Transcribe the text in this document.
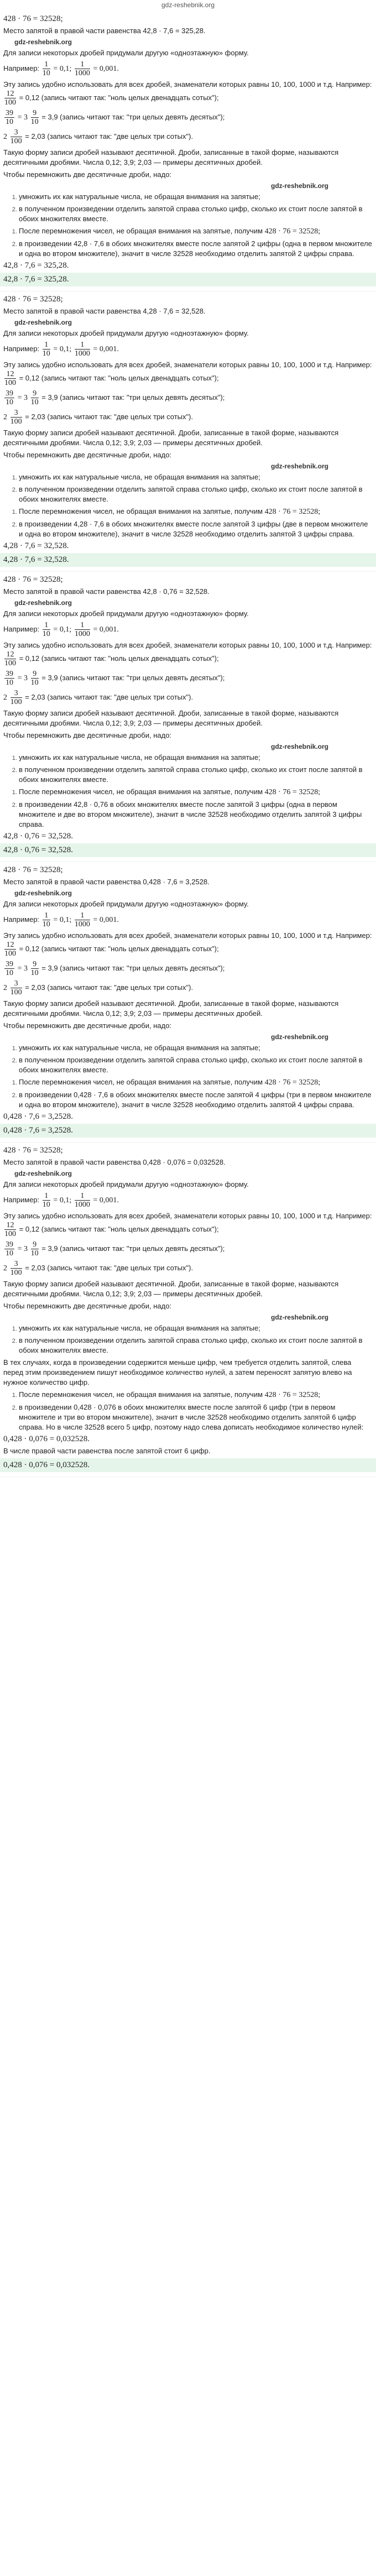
gdz-reshebnik.org
428 · 76 = 32528;

Место запятой в правой части равенства 42,8 · 7,6 = 325,28.

gdz-reshebnik.org

Для записи некоторых дробей придумали другую «одноэтажную» форму.

Например: $\frac{1}{10} = 0,1$; $\frac{1}{1000} = 0,001$.

Эту запись удобно использовать для всех дробей, знаменатели которых равны 10, 100, 1000 и т.д. Например:
$\frac{12}{100} = 0,12$ (запись читают так: "ноль целых двенадцать сотых");

$\frac{39}{10} = 3 \frac{9}{10} = 3,9$ (запись читают так: "три целых девять десятых");

$2 \frac{3}{100} = 2,03$ (запись читают так: "две целых три сотых").

Такую форму записи дробей называют десятичной. Дроби, записанные в такой форме, называются десятичными дробями. Числа 0,12; 3,9; 2,03 — примеры десятичных дробей.

Чтобы перемножить две десятичные дроби, надо:

gdz-reshebnik.org
1. умножить их как натуральные числа, не обращая внимания на запятые;
2. в полученном произведении отделить запятой справа столько цифр, сколько их стоит после запятой в обоих множителях вместе.
1. После перемножения чисел, не обращая внимания на запятые, получим 428 · 76 = 32528;
2. в произведении 42,8 · 7,6 в обоих множителях вместе после запятой 2 цифры (одна в первом множителе и одна во втором множителе), значит в числе 32528 необходимо отделить запятой 2 цифры справа.
42,8 · 7,6 = 325,28.
42,8 · 7,6 = 325,28.
428 · 76 = 32528;

Место запятой в правой части равенства 4,28 · 7,6 = 32,528.

gdz-reshebnik.org

Для записи некоторых дробей придумали другую «одноэтажную» форму.

Например: $\frac{1}{10} = 0,1$; $\frac{1}{1000} = 0,001$.

Эту запись удобно использовать для всех дробей, знаменатели которых равны 10, 100, 1000 и т.д. Например:
$\frac{12}{100} = 0,12$ (запись читают так: "ноль целых двенадцать сотых");

$\frac{39}{10} = 3 \frac{9}{10} = 3,9$ (запись читают так: "три целых девять десятых");

$2 \frac{3}{100} = 2,03$ (запись читают так: "две целых три сотых").

Такую форму записи дробей называют десятичной. Дроби, записанные в такой форме, называются десятичными дробями. Числа 0,12; 3,9; 2,03 — примеры десятичных дробей.

Чтобы перемножить две десятичные дроби, надо:

gdz-reshebnik.org
1. умножить их как натуральные числа, не обращая внимания на запятые;
2. в полученном произведении отделить запятой справа столько цифр, сколько их стоит после запятой в обоих множителях вместе.
1. После перемножения чисел, не обращая внимания на запятые, получим 428 · 76 = 32528;
2. в произведении 4,28 · 7,6 в обоих множителях вместе после запятой 3 цифры (две в первом множителе и одна во втором множителе), значит в числе 32528 необходимо отделить запятой 3 цифры справа.
4,28 · 7,6 = 32,528.
4,28 · 7,6 = 32,528.
428 · 76 = 32528;

Место запятой в правой части равенства 42,8 · 0,76 = 32,528.

gdz-reshebnik.org

Для записи некоторых дробей придумали другую «одноэтажную» форму.

Например: $\frac{1}{10} = 0,1$; $\frac{1}{1000} = 0,001$.

Эту запись удобно использовать для всех дробей, знаменатели которых равны 10, 100, 1000 и т.д. Например:
$\frac{12}{100} = 0,12$ (запись читают так: "ноль целых двенадцать сотых");

$\frac{39}{10} = 3 \frac{9}{10} = 3,9$ (запись читают так: "три целых девять десятых");

$2 \frac{3}{100} = 2,03$ (запись читают так: "две целых три сотых").

Такую форму записи дробей называют десятичной. Дроби, записанные в такой форме, называются десятичными дробями. Числа 0,12; 3,9; 2,03 — примеры десятичных дробей.

Чтобы перемножить две десятичные дроби, надо:

gdz-reshebnik.org
1. умножить их как натуральные числа, не обращая внимания на запятые;
2. в полученном произведении отделить запятой справа столько цифр, сколько их стоит после запятой в обоих множителях вместе.
1. После перемножения чисел, не обращая внимания на запятые, получим 428 · 76 = 32528;
2. в произведении 42,8 · 0,76 в обоих множителях вместе после запятой 3 цифры (одна в первом множителе и две во втором множителе), значит в числе 32528 необходимо отделить запятой 3 цифры справа.
42,8 · 0,76 = 32,528.
42,8 · 0,76 = 32,528.
428 · 76 = 32528;

Место запятой в правой части равенства 0,428 · 7,6 = 3,2528.

gdz-reshebnik.org

Для записи некоторых дробей придумали другую «одноэтажную» форму.

Например: $\frac{1}{10} = 0,1$; $\frac{1}{1000} = 0,001$.

Эту запись удобно использовать для всех дробей, знаменатели которых равны 10, 100, 1000 и т.д. Например:
$\frac{12}{100} = 0,12$ (запись читают так: "ноль целых двенадцать сотых");

$\frac{39}{10} = 3 \frac{9}{10} = 3,9$ (запись читают так: "три целых девять десятых");

$2 \frac{3}{100} = 2,03$ (запись читают так: "две целых три сотых").

Такую форму записи дробей называют десятичной. Дроби, записанные в такой форме, называются десятичными дробями. Числа 0,12; 3,9; 2,03 — примеры десятичных дробей.

Чтобы перемножить две десятичные дроби, надо:

gdz-reshebnik.org
1. умножить их как натуральные числа, не обращая внимания на запятые;
2. в полученном произведении отделить запятой справа столько цифр, сколько их стоит после запятой в обоих множителях вместе.
1. После перемножения чисел, не обращая внимания на запятые, получим 428 · 76 = 32528;
2. в произведении 0,428 · 7,6 в обоих множителях вместе после запятой 4 цифры (три в первом множителе и одна во втором множителе), значит в числе 32528 необходимо отделить запятой 4 цифры справа.
0,428 · 7,6 = 3,2528.
0,428 · 7,6 = 3,2528.
428 · 76 = 32528;

Место запятой в правой части равенства 0,428 · 0,076 = 0,032528.

gdz-reshebnik.org

Для записи некоторых дробей придумали другую «одноэтажную» форму.

Например: $\frac{1}{10} = 0,1$; $\frac{1}{1000} = 0,001$.

Эту запись удобно использовать для всех дробей, знаменатели которых равны 10, 100, 1000 и т.д. Например:
$\frac{12}{100} = 0,12$ (запись читают так: "ноль целых двенадцать сотых");

$\frac{39}{10} = 3 \frac{9}{10} = 3,9$ (запись читают так: "три целых девять десятых");

$2 \frac{3}{100} = 2,03$ (запись читают так: "две целых три сотых").

Такую форму записи дробей называют десятичной. Дроби, записанные в такой форме, называются десятичными дробями. Числа 0,12; 3,9; 2,03 — примеры десятичных дробей.

Чтобы перемножить две десятичные дроби, надо:

gdz-reshebnik.org
1. умножить их как натуральные числа, не обращая внимания на запятые;
2. в полученном произведении отделить запятой справа столько цифр, сколько их стоит после запятой в обоих множителях вместе.

В тех случаях, когда в произведении содержится меньше цифр, чем требуется отделить запятой, слева перед этим произведением пишут необходимое количество нулей, а затем переносят запятую влево на нужное количество цифр.

1. После перемножения чисел, не обращая внимания на запятые, получим 428 · 76 = 32528;
2. в произведении 0,428 · 0,076 в обоих множителях вместе после запятой 6 цифр (три в первом множителе и три во втором множителе), значит в числе 32528 необходимо отделить запятой 6 цифр справа. Но в числе 32528 всего 5 цифр, поэтому надо слева дописать необходимое количество нулей:
0,428 · 0,076 = 0,032528.

В числе правой части равенства после запятой стоит 6 цифр.

0,428 · 0,076 = 0,032528.
